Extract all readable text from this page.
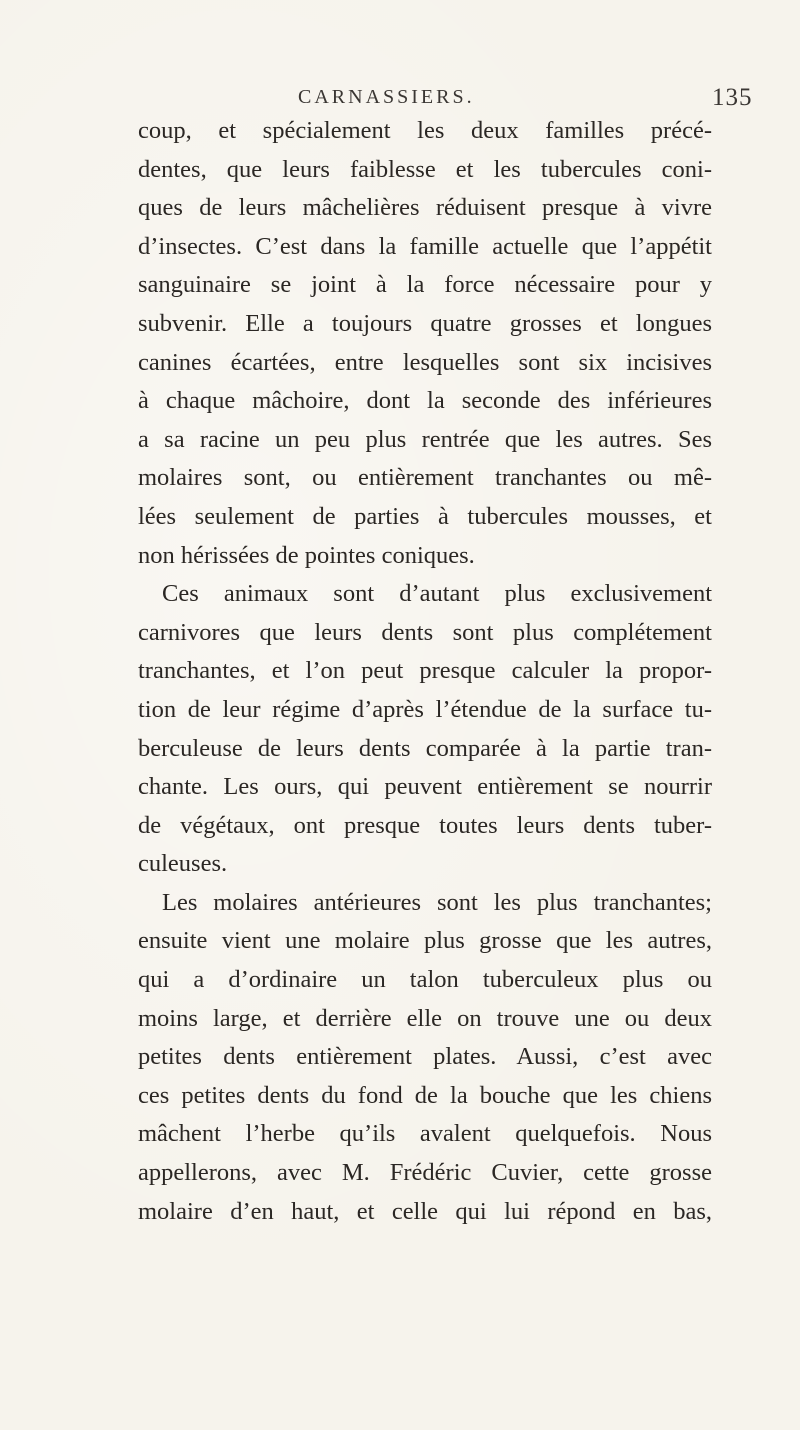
CARNASSIERS.	135
coup, et spécialement les deux familles précé-
dentes, que leurs faiblesse et les tubercules coni-
ques de leurs mâchelières réduisent presque à vivre
d’insectes. C’est dans la famille actuelle que l’appétit
sanguinaire se joint à la force nécessaire pour y
subvenir. Elle a toujours quatre grosses et longues
canines écartées, entre lesquelles sont six incisives
à chaque mâchoire, dont la seconde des inférieures
a sa racine un peu plus rentrée que les autres. Ses
molaires sont, ou entièrement tranchantes ou mê-
lées seulement de parties à tubercules mousses, et
non hérissées de pointes coniques.
Ces animaux sont d’autant plus exclusivement
carnivores que leurs dents sont plus complétement
tranchantes, et l’on peut presque calculer la propor-
tion de leur régime d’après l’étendue de la surface tu-
berculeuse de leurs dents comparée à la partie tran-
chante. Les ours, qui peuvent entièrement se nourrir
de végétaux, ont presque toutes leurs dents tuber-
culeuses.
Les molaires antérieures sont les plus tranchantes;
ensuite vient une molaire plus grosse que les autres,
qui a d’ordinaire un talon tuberculeux plus ou
moins large, et derrière elle on trouve une ou deux
petites dents entièrement plates. Aussi, c’est avec
ces petites dents du fond de la bouche que les chiens
mâchent l’herbe qu’ils avalent quelquefois. Nous
appellerons, avec M. Frédéric Cuvier, cette grosse
molaire d’en haut, et celle qui lui répond en bas,
